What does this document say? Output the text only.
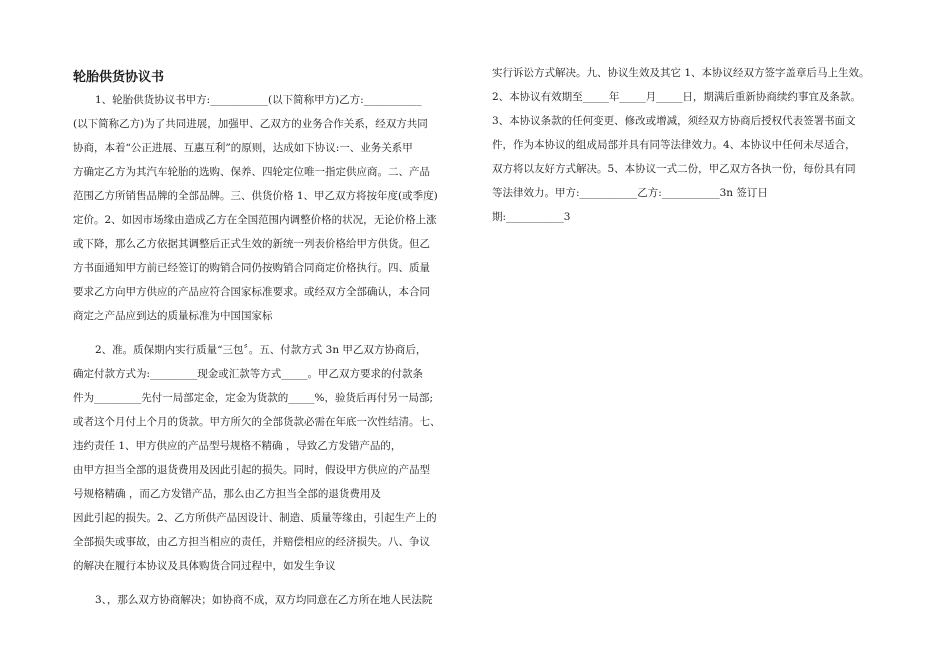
轮胎供货协议书
1、轮胎供货协议书甲方:___________(以下简称甲方)乙方:___________
(以下简称乙方)为了共同进展，加强甲、乙双方的业务合作关系，经双方共同
协商，本着“公正进展、互惠互利”的原则，达成如下协议:一、业务关系甲
方确定乙方为其汽车轮胎的选购、保养、四轮定位唯一指定供应商。二、产品
范围乙方所销售品牌的全部品牌。三、供货价格 1、甲乙双方将按年度(或季度)
定价。2、如因市场缘由造成乙方在全国范围内调整价格的状况，无论价格上涨
或下降，那么乙方依据其调整后正式生效的新统一列表价格给甲方供货。但乙
方书面通知甲方前已经签订的购销合同仍按购销合同商定价格执行。四、质量
要求乙方向甲方供应的产品应符合国家标准要求。或经双方全部确认，本合同
商定之产品应到达的质量标准为中国国家标
2、准。质保期内实行质量“三包〞。五、付款方式 3n 甲乙双方协商后，
确定付款方式为:_________现金或汇款等方式_____。甲乙双方要求的付款条
件为_________先付一局部定金，定金为货款的_____%，验货后再付另一局部;
或者这个月付上个月的货款。甲方所欠的全部货款必需在年底一次性结清。七、
违约责任 1、甲方供应的产品型号规格不精确 ，导致乙方发错产品的，
由甲方担当全部的退货费用及因此引起的损失。同时，假设甲方供应的产品型
号规格精确 ，而乙方发错产品，那么由乙方担当全部的退货费用及
因此引起的损失。2、乙方所供产品因设计、制造、质量等缘由，引起生产上的
全部损失或事故，由乙方担当相应的责任，并赔偿相应的经济损失。八、争议
的解决在履行本协议及具体购货合同过程中，如发生争议
3、，那么双方协商解决；如协商不成，双方均同意在乙方所在地人民法院
实行诉讼方式解决。九、协议生效及其它 1、本协议经双方签字盖章后马上生效。
2、本协议有效期至_____年_____月_____日，期满后重新协商续约事宜及条款。
3、本协议条款的任何变更、修改或增减，须经双方协商后授权代表签署书面文
件，作为本协议的组成局部并具有同等法律效力。4、本协议中任何未尽适合，
双方将以友好方式解决。5、本协议一式二份，甲乙双方各执一份，每份具有同
等法律效力。甲方:___________乙方:___________3n 签订日
期:___________3
